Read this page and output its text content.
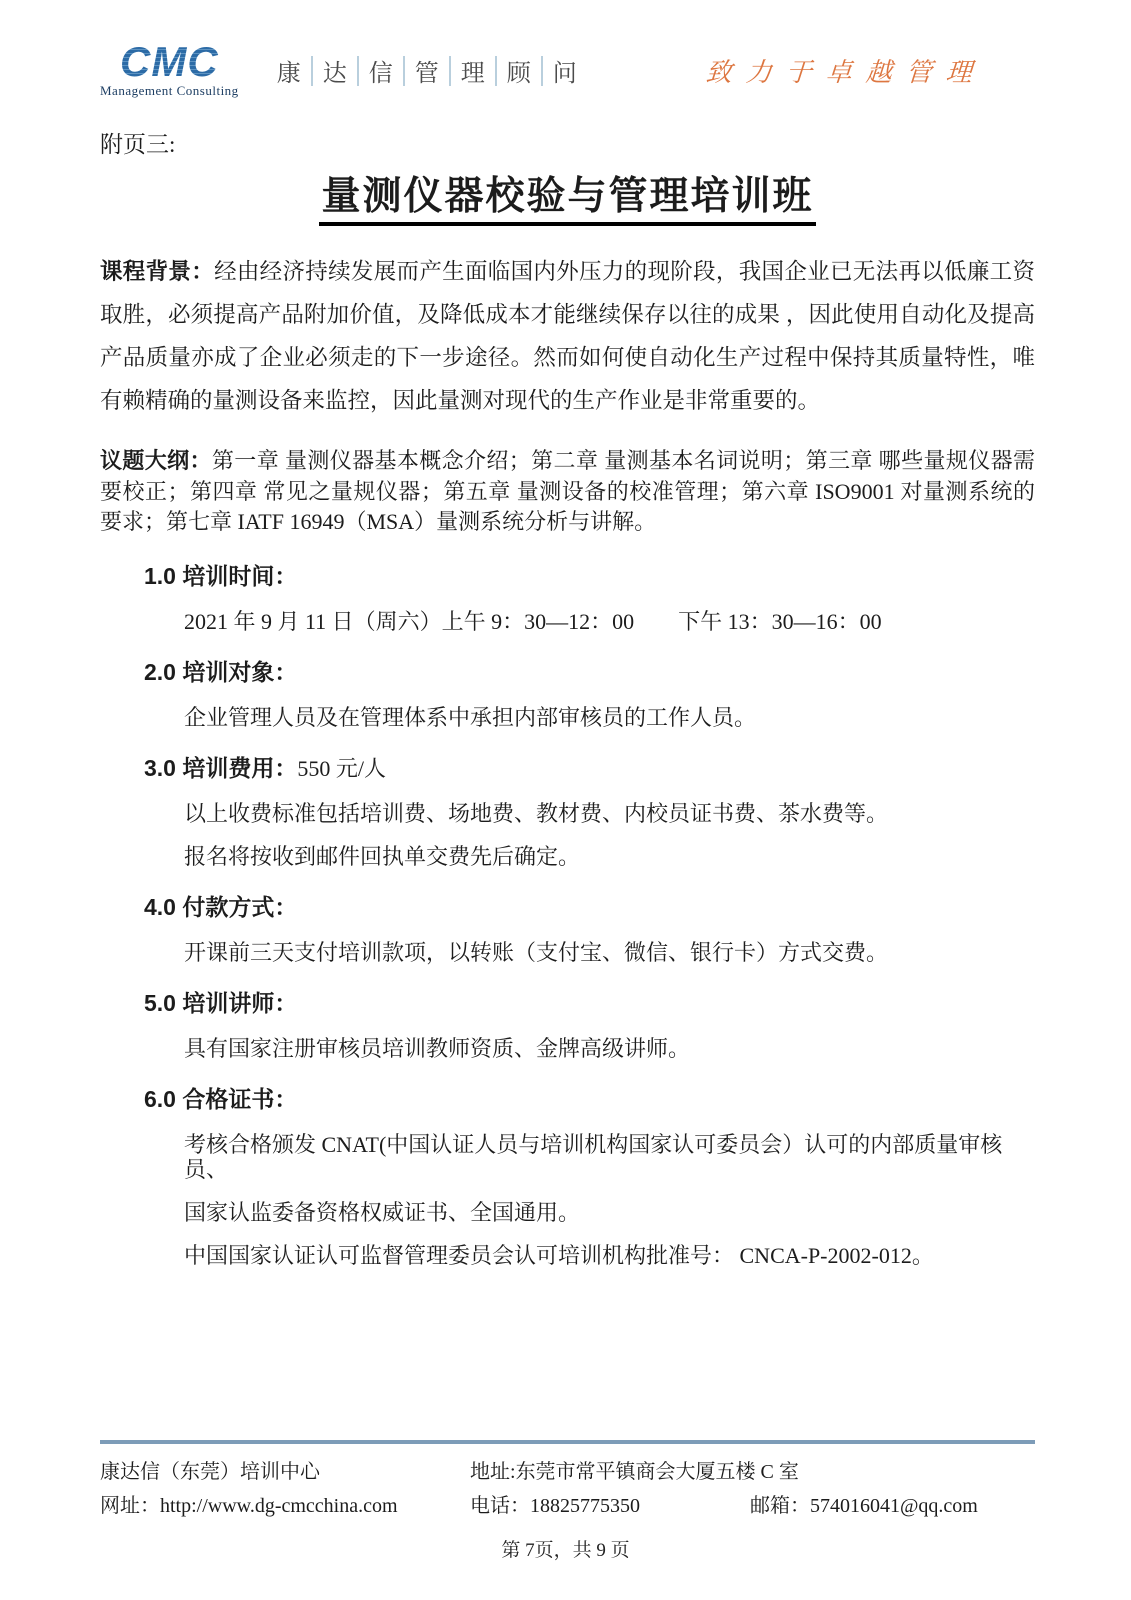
CMC
Management Consulting
康 达 信 管 理 顾 问	致力于卓越管理
附页三:
量测仪器校验与管理培训班
课程背景：经由经济持续发展而产生面临国内外压力的现阶段，我国企业已无法再以低廉工资取胜，必须提高产品附加价值，及降低成本才能继续保存以往的成果 ，因此使用自动化及提高产品质量亦成了企业必须走的下一步途径。然而如何使自动化生产过程中保持其质量特性，唯有赖精确的量测设备来监控，因此量测对现代的生产作业是非常重要的。
议题大纲：第一章 量测仪器基本概念介绍；第二章 量测基本名词说明；第三章 哪些量规仪器需要校正；第四章 常见之量规仪器；第五章 量测设备的校准管理；第六章 ISO9001 对量测系统的要求；第七章 IATF 16949（MSA）量测系统分析与讲解。
1.0 培训时间：
2021 年 9 月 11 日（周六）上午 9：30—12：00　　下午 13：30—16：00
2.0 培训对象：
企业管理人员及在管理体系中承担内部审核员的工作人员。
3.0 培训费用：550 元/人
以上收费标准包括培训费、场地费、教材费、内校员证书费、茶水费等。
报名将按收到邮件回执单交费先后确定。
4.0 付款方式：
开课前三天支付培训款项，以转账（支付宝、微信、银行卡）方式交费。
5.0 培训讲师：
具有国家注册审核员培训教师资质、金牌高级讲师。
6.0 合格证书：
考核合格颁发 CNAT(中国认证人员与培训机构国家认可委员会）认可的内部质量审核员、
国家认监委备资格权威证书、全国通用。
中国国家认证认可监督管理委员会认可培训机构批准号： CNCA-P-2002-012。
康达信（东莞）培训中心	地址:东莞市常平镇商会大厦五楼 C 室
网址：http://www.dg-cmcchina.com	电话：18825775350	邮箱：574016041@qq.com
第 7页，共 9 页
